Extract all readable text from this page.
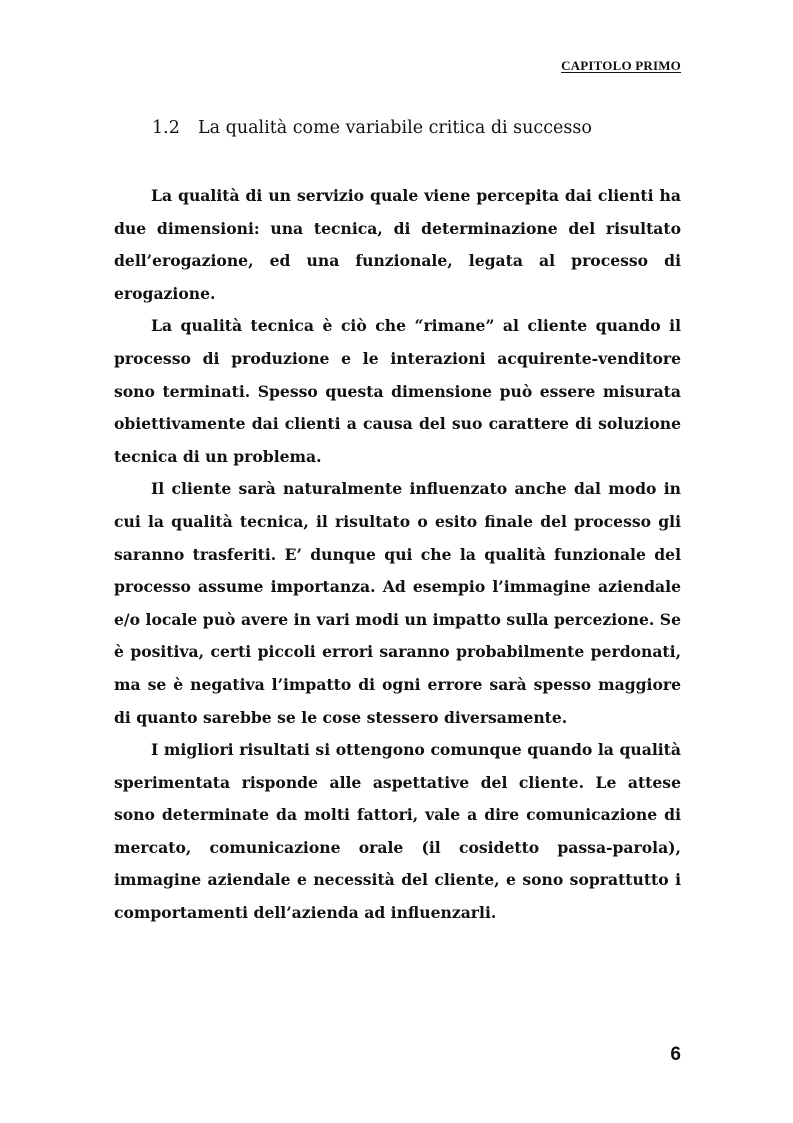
CAPITOLO PRIMO
1.2 La qualità come variabile critica di successo

La qualità di un servizio quale viene percepita dai clienti ha due dimensioni: una tecnica, di determinazione del risultato dell’erogazione, ed una funzionale, legata al processo di erogazione.

La qualità tecnica è ciò che “rimane” al cliente quando il processo di produzione e le interazioni acquirente-venditore sono terminati. Spesso questa dimensione può essere misurata obiettivamente dai clienti a causa del suo carattere di soluzione tecnica di un problema.

Il cliente sarà naturalmente influenzato anche dal modo in cui la qualità tecnica, il risultato o esito finale del processo gli saranno trasferiti. E’ dunque qui che la qualità funzionale del processo assume importanza. Ad esempio l’immagine aziendale e/o locale può avere in vari modi un impatto sulla percezione. Se è positiva, certi piccoli errori saranno probabilmente perdonati, ma se è negativa l’impatto di ogni errore sarà spesso maggiore di quanto sarebbe se le cose stessero diversamente.

I migliori risultati si ottengono comunque quando la qualità sperimentata risponde alle aspettative del cliente. Le attese sono determinate da molti fattori, vale a dire comunicazione di mercato, comunicazione orale (il cosidetto passa-parola), immagine aziendale e necessità del cliente, e sono soprattutto i comportamenti dell’azienda ad influenzarli.

6
